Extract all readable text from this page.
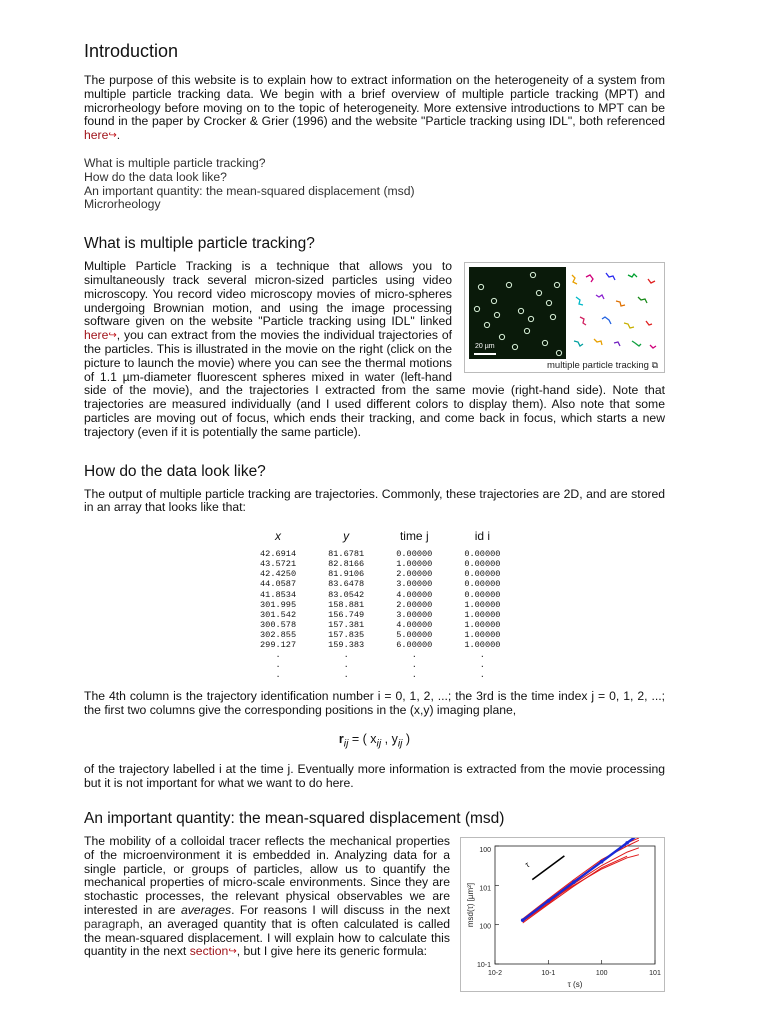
Introduction

The purpose of this website is to explain how to extract information on the heterogeneity of a system from multiple particle tracking data. We begin with a brief overview of multiple particle tracking (MPT) and microrheology before moving on to the topic of heterogeneity. More extensive introductions to MPT can be found in the paper by Crocker & Grier (1996) and the website "Particle tracking using IDL", both referenced here↪.

What is multiple particle tracking?
How do the data look like?
An important quantity: the mean-squared displacement (msd)
Microrheology
What is multiple particle tracking?
20 µm
multiple particle tracking ⧉

Multiple Particle Tracking is a technique that allows you to simultaneously track several micron-sized particles using video microscopy. You record video microscopy movies of micro-spheres undergoing Brownian motion, and using the image processing software given on the website "Particle tracking using IDL" linked here↪, you can extract from the movies the individual trajectories of the particles. This is illustrated in the movie on the right (click on the picture to launch the movie) where you can see the thermal motions of 1.1 µm-diameter fluorescent spheres mixed in water (left-hand side of the movie), and the trajectories I extracted from the same movie (right-hand side). Note that trajectories are measured individually (and I used different colors to display them). Also note that some particles are moving out of focus, which ends their tracking, and come back in focus, which starts a new trajectory (even if it is potentially the same particle).

How do the data look like?

The output of multiple particle tracking are trajectories. Commonly, these trajectories are 2D, and are stored in an array that looks like that:

x	y	time j	id i
42.6914	81.6781	0.00000	0.00000
43.5721	82.8166	1.00000	0.00000
42.4250	81.9106	2.00000	0.00000
44.0587	83.6478	3.00000	0.00000
41.8534	83.0542	4.00000	0.00000
301.995	158.881	2.00000	1.00000
301.542	156.749	3.00000	1.00000
300.578	157.381	4.00000	1.00000
302.855	157.835	5.00000	1.00000
299.127	159.383	6.00000	1.00000
.	.	.	.
.	.	.	.
.	.	.	.

The 4th column is the trajectory identification number i = 0, 1, 2, ...; the 3rd is the time index j = 0, 1, 2, ...; the first two columns give the corresponding positions in the (x,y) imaging plane,

$r_{ij}$ = ( $x_{ij}$ , $y_{ij}$ )

of the trajectory labelled i at the time j. Eventually more information is extracted from the movie processing but it is not important for what we want to do here.

An important quantity: the mean-squared displacement (msd)
10-2	10-1	100	101
100
101
100
10-1
τ (s)
msd(τ) [µm²]
τ

The mobility of a colloidal tracer reflects the mechanical properties of the microenvironment it is embedded in. Analyzing data for a single particle, or groups of particles, allow us to quantify the mechanical properties of micro-scale environments. Since they are stochastic processes, the relevant physical observables we are interested in are averages. For reasons I will discuss in the next paragraph, an averaged quantity that is often calculated is called the mean-squared displacement. I will explain how to calculate this quantity in the next section↪, but I give here its generic formula:
